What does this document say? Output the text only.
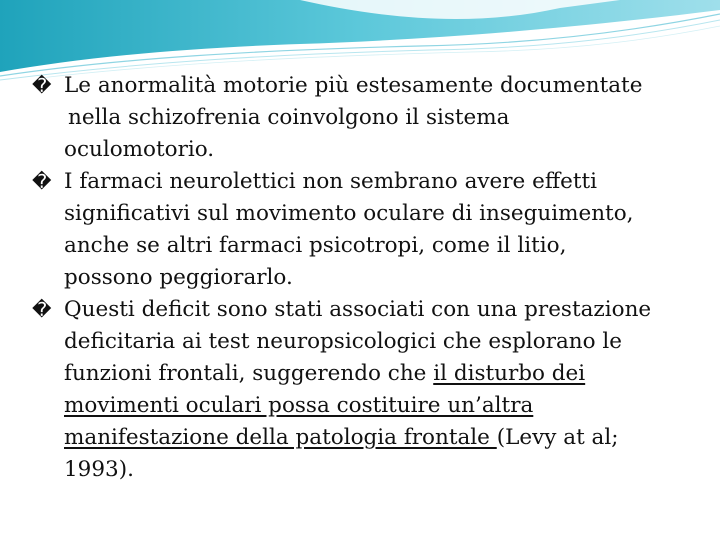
� Le anormalità motorie più estesamente documentate
nella schizofrenia coinvolgono il sistema
oculomotorio.
� I farmaci neurolettici non sembrano avere effetti
significativi sul movimento oculare di inseguimento,
anche se altri farmaci psicotropi, come il litio,
possono peggiorarlo.
� Questi deficit sono stati associati con una prestazione
deficitaria ai test neuropsicologici che esplorano le
funzioni frontali, suggerendo che il disturbo dei
movimenti oculari possa costituire un’altra
manifestazione della patologia frontale (Levy at al;
1993).
